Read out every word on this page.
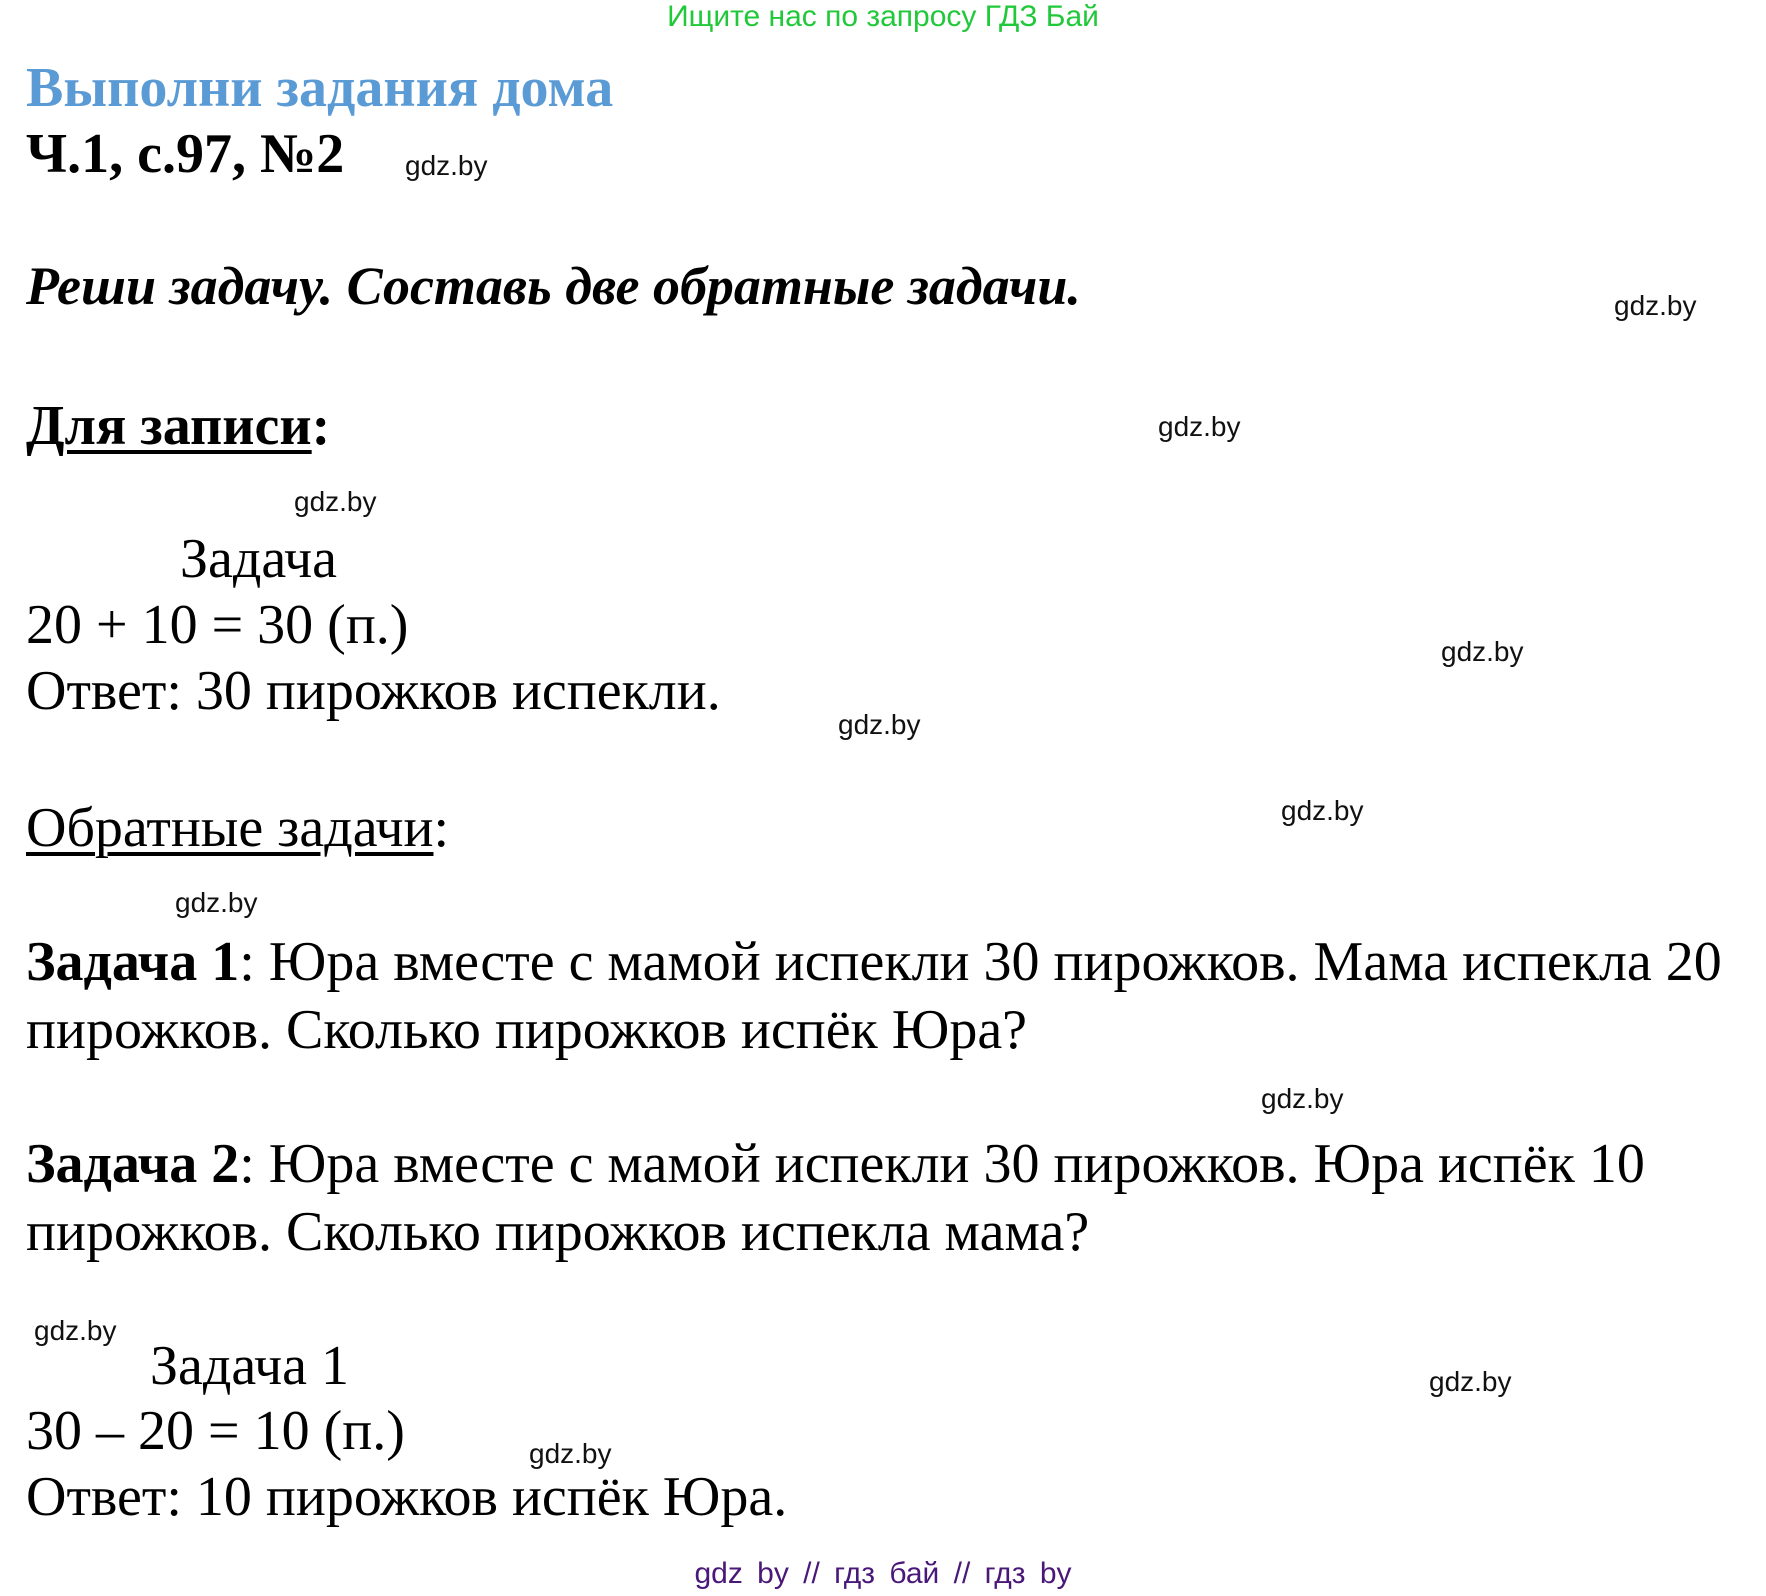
Ищите нас по запросу ГДЗ Бай
Выполни задания дома
Ч.1, с.97, №2 gdz.by
Реши задачу. Составь две обратные задачи.	gdz.by
Для записи:	gdz.by
gdz.by
Задача
20 + 10 = 30 (п.)
Ответ: 30 пирожков испекли.
gdz.by
gdz.by
gdz.by
Обратные задачи:
gdz.by
Задача 1: Юра вместе с мамой испекли 30 пирожков. Мама испекла 20 пирожков. Сколько пирожков испёк Юра?
gdz.by
Задача 2: Юра вместе с мамой испекли 30 пирожков. Юра испёк 10 пирожков. Сколько пирожков испекла мама?
gdz.by
Задача 1	gdz.by
30 – 20 = 10 (п.)	gdz.by
Ответ: 10 пирожков испёк Юра.
gdz by // гдз бай // гдз by
